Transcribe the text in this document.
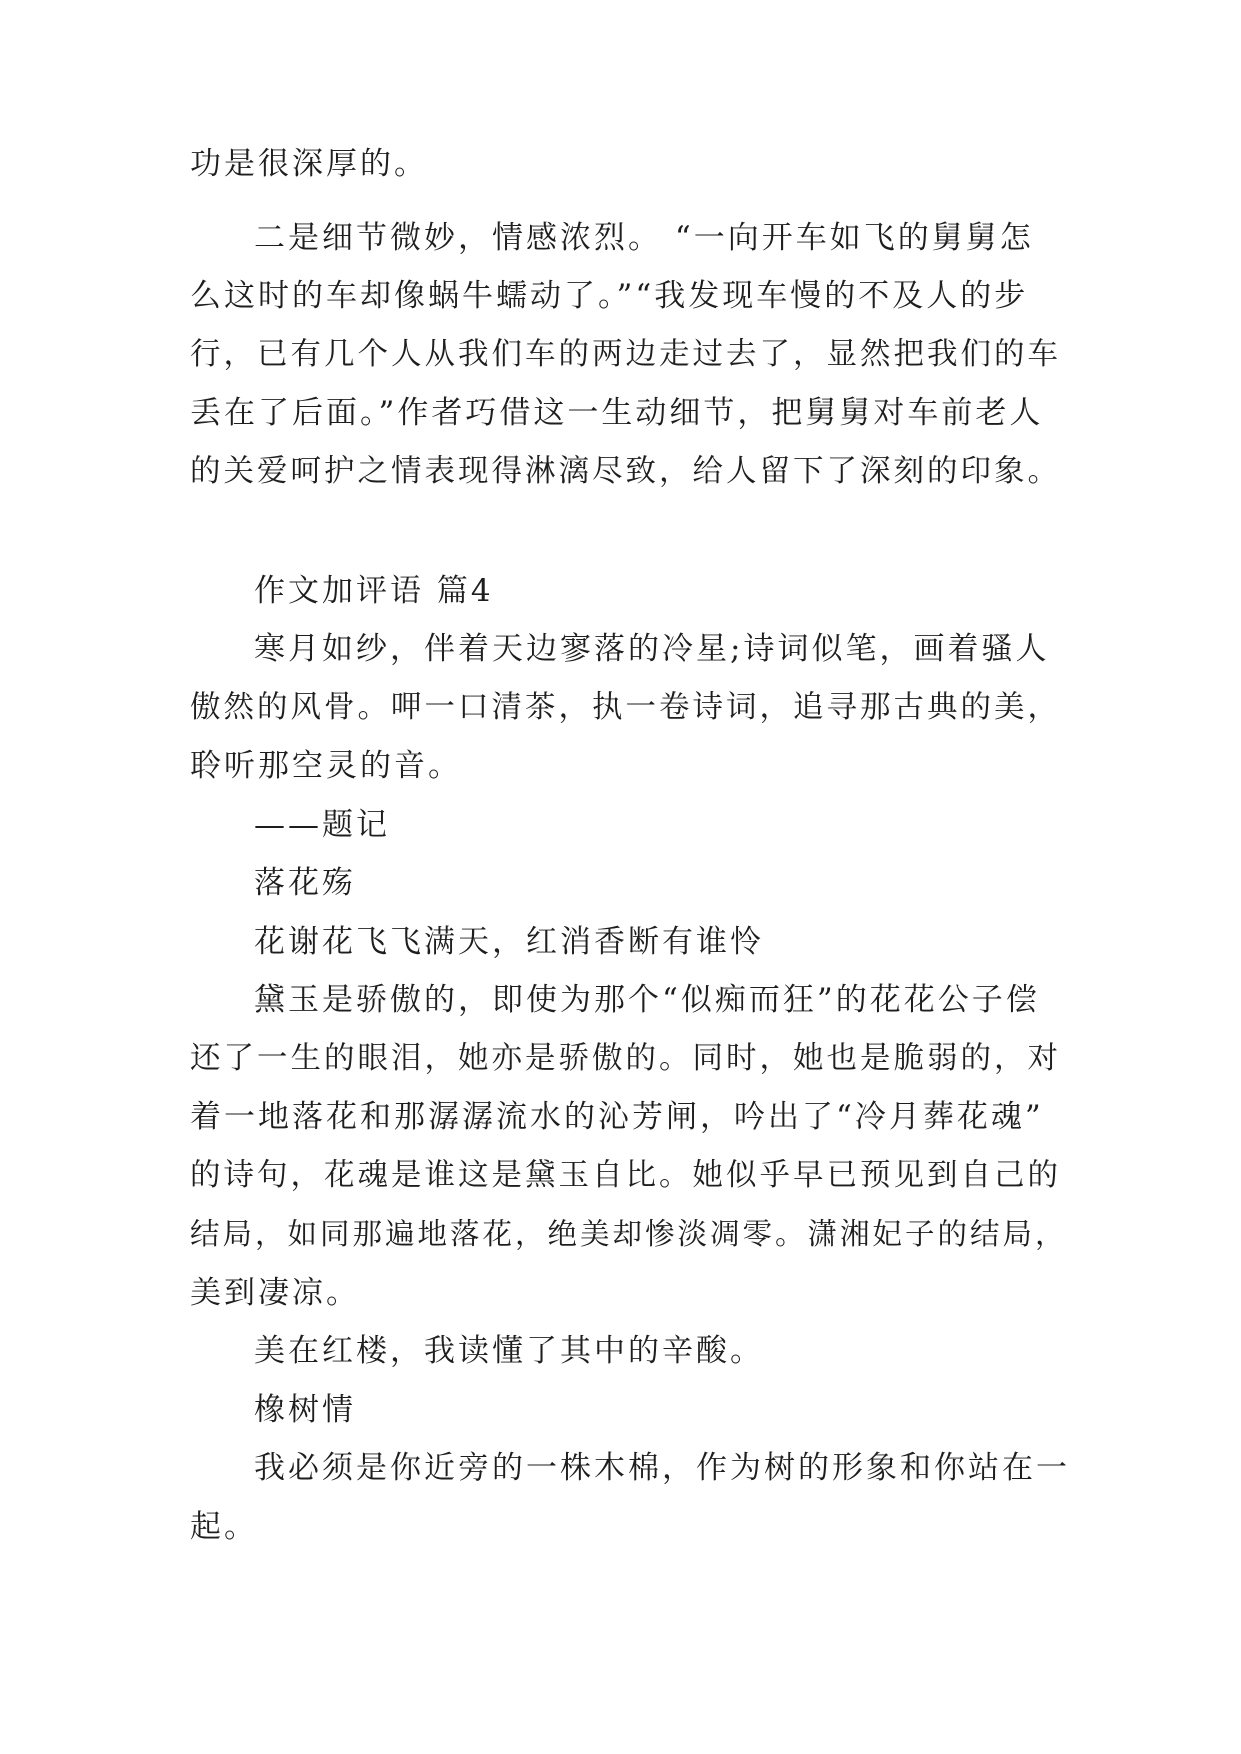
功是很深厚的。
二是细节微妙，情感浓烈。 “一向开车如飞的舅舅怎
么这时的车却像蜗牛蠕动了。”“我发现车慢的不及人的步
行，已有几个人从我们车的两边走过去了，显然把我们的车
丢在了后面。”作者巧借这一生动细节，把舅舅对车前老人
的关爱呵护之情表现得淋漓尽致，给人留下了深刻的印象。
作文加评语 篇4
寒月如纱，伴着天边寥落的冷星;诗词似笔，画着骚人
傲然的风骨。呷一口清茶，执一卷诗词，追寻那古典的美，
聆听那空灵的音。
——题记
落花殇
花谢花飞飞满天，红消香断有谁怜
黛玉是骄傲的，即使为那个“似痴而狂”的花花公子偿
还了一生的眼泪，她亦是骄傲的。同时，她也是脆弱的，对
着一地落花和那潺潺流水的沁芳闸，吟出了“冷月葬花魂”
的诗句，花魂是谁这是黛玉自比。她似乎早已预见到自己的
结局，如同那遍地落花，绝美却惨淡凋零。潇湘妃子的结局，
美到凄凉。
美在红楼，我读懂了其中的辛酸。
橡树情
我必须是你近旁的一株木棉，作为树的形象和你站在一
起。
